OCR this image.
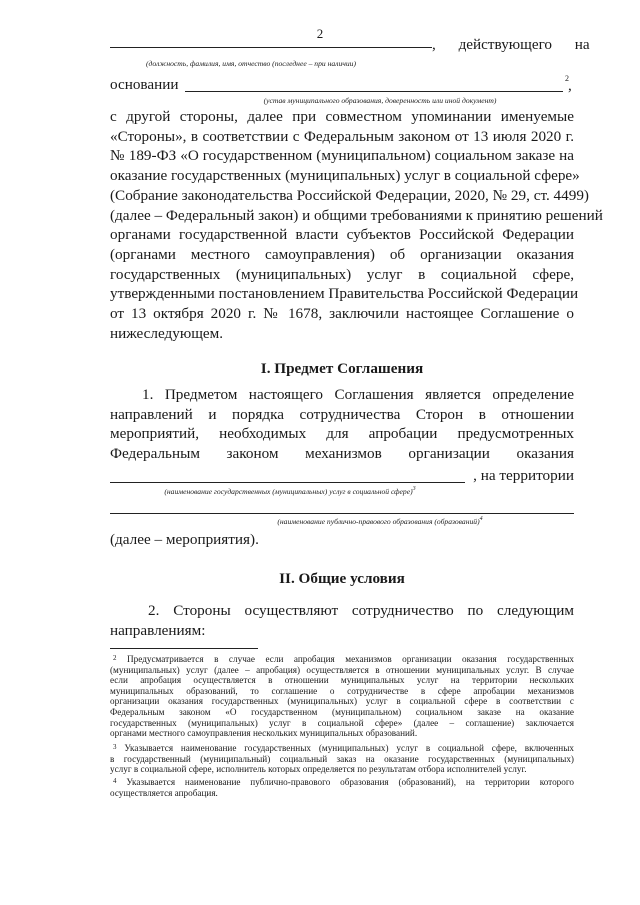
2
,      действующего      на
(должность, фамилия, имя, отчество (последнее – при наличии)
основании	2 ,
(устав муниципального образования, доверенность или иной документ)
с другой стороны, далее при совместном упоминании именуемые
«Стороны», в соответствии с Федеральным законом от 13 июля 2020 г.
№ 189-ФЗ «О государственном (муниципальном) социальном заказе на
оказание государственных (муниципальных) услуг в социальной сфере»
(Собрание законодательства Российской Федерации, 2020, № 29, ст. 4499)
(далее – Федеральный закон) и общими требованиями к принятию решений
органами государственной власти субъектов Российской Федерации
(органами местного самоуправления) об организации оказания
государственных (муниципальных) услуг в социальной сфере,
утвержденными постановлением Правительства Российской Федерации
от 13 октября 2020 г. № 1678, заключили настоящее Соглашение о
нижеследующем.
I. Предмет Соглашения
1. Предметом настоящего Соглашения является определение
направлений и порядка сотрудничества Сторон в отношении
мероприятий, необходимых для апробации предусмотренных
Федеральным законом механизмов организации оказания
, на территории
(наименование государственных (муниципальных) услуг в социальной сфере)$^3$
(наименование публично-правового образования (образований)$^4$
(далее – мероприятия).
II. Общие условия
2. Стороны осуществляют сотрудничество по следующим
направлениям:
$^2$ Предусматривается в случае если апробация механизмов организации оказания государственных
(муниципальных) услуг (далее – апробация) осуществляется в отношении муниципальных услуг. В случае
если апробация осуществляется в отношении муниципальных услуг на территории нескольких
муниципальных образований, то соглашение о сотрудничестве в сфере апробации механизмов
организации оказания государственных (муниципальных) услуг в социальной сфере в соответствии с
Федеральным законом «О государственном (муниципальном) социальном заказе на оказание
государственных (муниципальных) услуг в социальной сфере» (далее – соглашение) заключается
органами местного самоуправления нескольких муниципальных образований.
$^3$ Указывается наименование государственных (муниципальных) услуг в социальной сфере, включенных
в государственный (муниципальный) социальный заказ на оказание государственных (муниципальных)
услуг в социальной сфере, исполнитель которых определяется по результатам отбора исполнителей услуг.
$^4$ Указывается наименование публично-правового образования (образований), на территории которого
осуществляется апробация.
